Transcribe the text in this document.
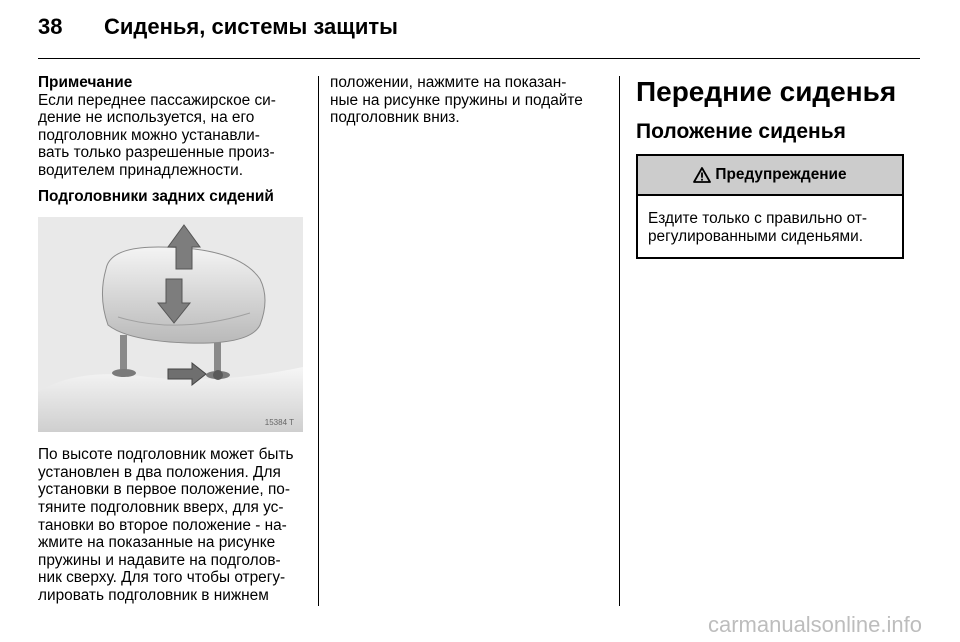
38 Сиденья, системы защиты
Примечание
Если переднее пассажирское си-
дение не используется, на его
подголовник можно устанавли-
вать только разрешенные произ-
водителем принадлежности.
Подголовники задних сидений
15384 T
По высоте подголовник может быть
установлен в два положения. Для
установки в первое положение, по-
тяните подголовник вверх, для ус-
тановки во второе положение - на-
жмите на показанные на рисунке
пружины и надавите на подголов-
ник сверху. Для того чтобы отрегу-
лировать подголовник в нижнем
положении, нажмите на показан-
ные на рисунке пружины и подайте
подголовник вниз.
Передние сиденья
Положение сиденья
Предупреждение
Ездите только с правильно от-
регулированными сиденьями.
carmanualsonline.info
